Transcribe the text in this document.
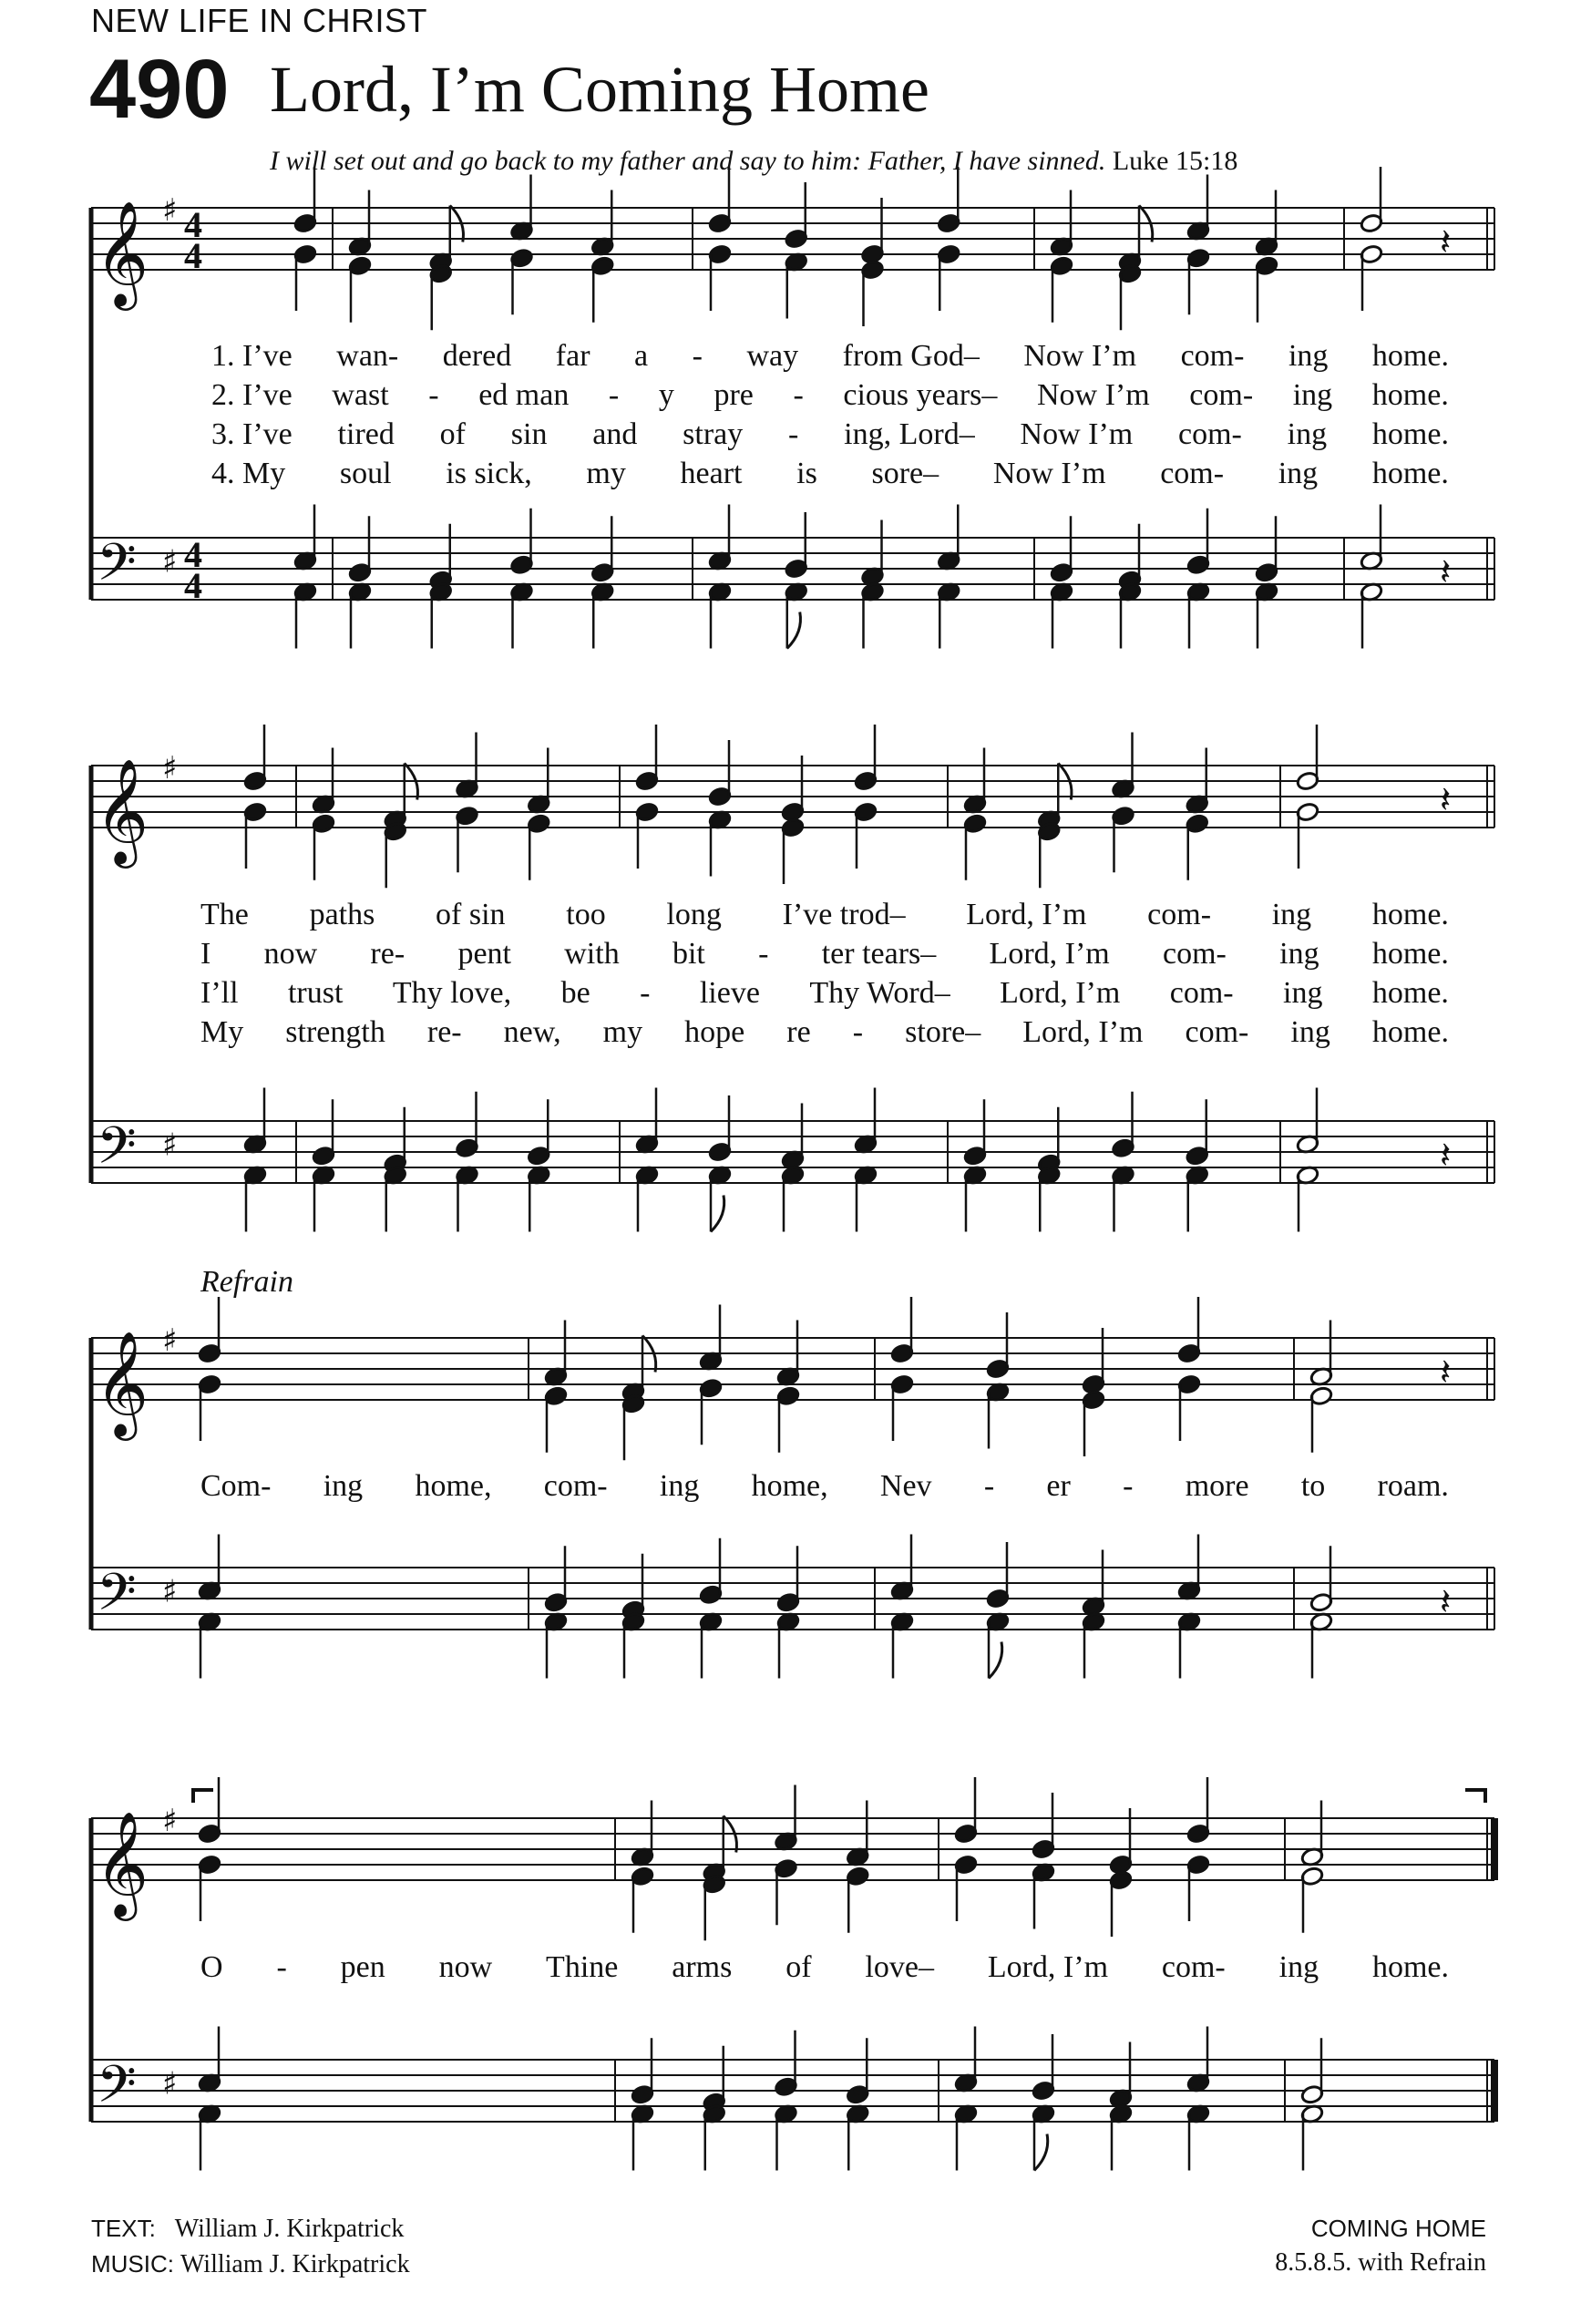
NEW LIFE IN CHRIST
490 Lord, I’m Coming Home
I will set out and go back to my father and say to him: Father, I have sinned. Luke 15:18
𝄞 ♯ 4
4
𝄢 ♯ 4
4
𝄽
𝄽
𝄞 ♯
𝄢 ♯
𝄽
𝄽
𝄞 ♯
𝄢 ♯
𝄽
𝄽
𝄞 ♯
𝄢 ♯
Refrain
1. I’ve wan- dered far a - way from God– Now I’m com- ing home.
2. I’ve wast - ed man - y pre - cious years– Now I’m com- ing home.
3. I’ve tired of sin and stray - ing, Lord– Now I’m com- ing home.
4. My soul is sick, my heart is sore– Now I’m com- ing home.
The paths of sin too long I’ve trod– Lord, I’m com- ing home.
I now re- pent with bit - ter tears– Lord, I’m com- ing home.
I’ll trust Thy love, be - lieve Thy Word– Lord, I’m com- ing home.
My strength re- new, my hope re - store– Lord, I’m com- ing home.
Com- ing home, com- ing home, Nev - er - more to roam.
O - pen now Thine arms of love– Lord, I’m com- ing home.
TEXT: William J. Kirkpatrick
MUSIC: William J. Kirkpatrick
COMING HOME
8.5.8.5. with Refrain
